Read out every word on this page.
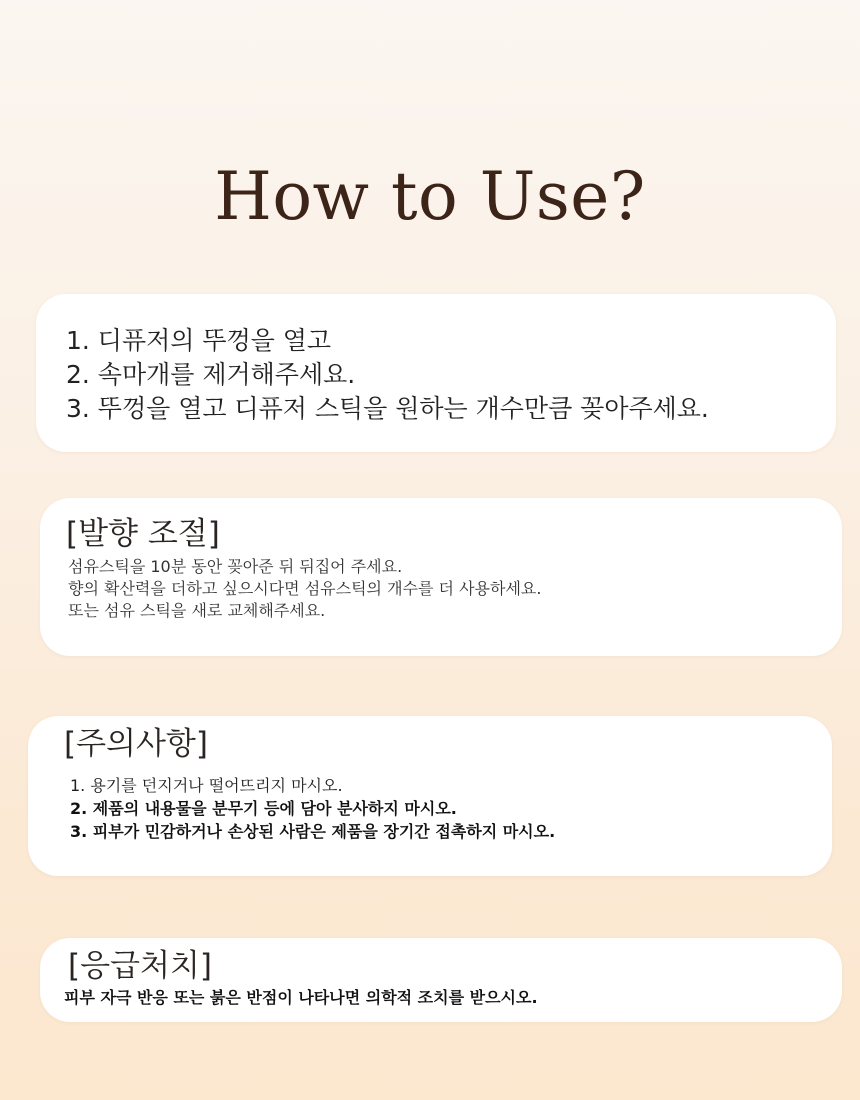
How to Use?
1. 디퓨저의 뚜껑을 열고
2. 속마개를 제거해주세요.
3. 뚜껑을 열고 디퓨저 스틱을 원하는 개수만큼 꽂아주세요.
[발향 조절]
섬유스틱을 10분 동안 꽂아준 뒤 뒤집어 주세요.
향의 확산력을 더하고 싶으시다면 섬유스틱의 개수를 더 사용하세요.
또는 섬유 스틱을 새로 교체해주세요.
[주의사항]
1. 용기를 던지거나 떨어뜨리지 마시오.
2. 제품의 내용물을 분무기 등에 담아 분사하지 마시오.
3. 피부가 민감하거나 손상된 사람은 제품을 장기간 접촉하지 마시오.
[응급처치]

피부 자극 반응 또는 붉은 반점이 나타나면 의학적 조치를 받으시오.
